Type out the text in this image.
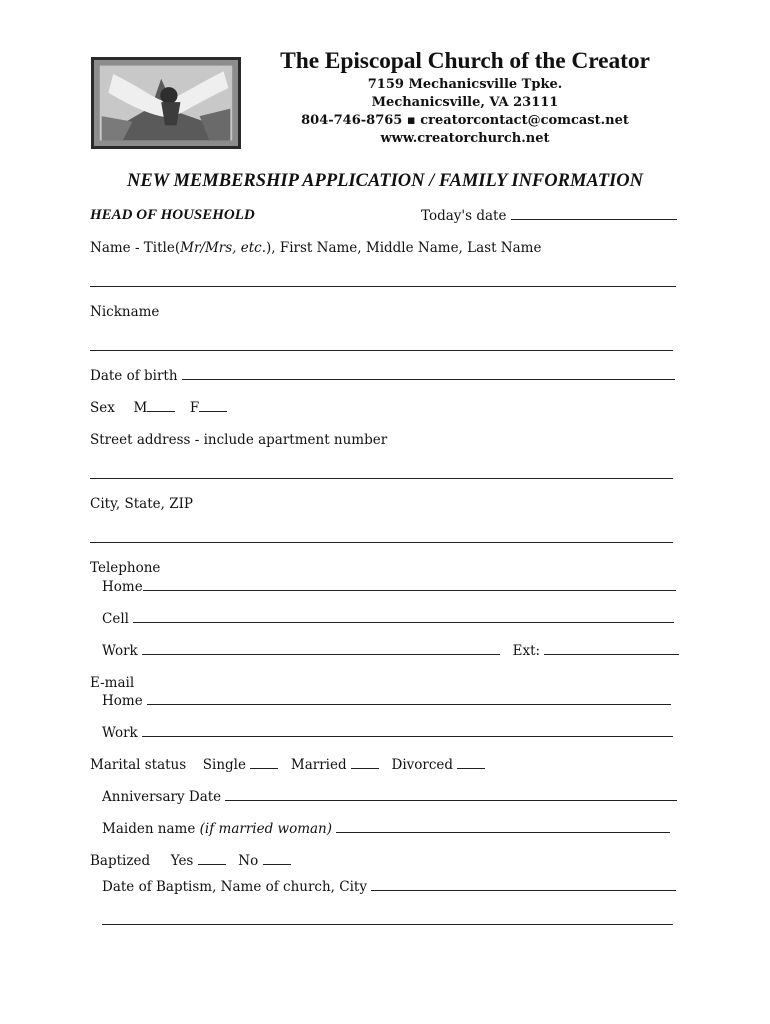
The Episcopal Church of the Creator
7159 Mechanicsville Tpke.
Mechanicsville, VA 23111
804-746-8765 ▪ creatorcontact@comcast.net
www.creatorchurch.net
NEW MEMBERSHIP APPLICATION / FAMILY INFORMATION
HEAD OF HOUSEHOLD	Today's date
Name - Title(Mr/Mrs, etc.), First Name, Middle Name, Last Name
Nickname
Date of birth
Sex M	F
Street address - include apartment number
City, State, ZIP
Telephone
Home
Cell
Work	Ext:
E-mail
Home
Work
Marital status Single	Married	Divorced
Anniversary Date
Maiden name (if married woman)
Baptized Yes	No
Date of Baptism, Name of church, City
